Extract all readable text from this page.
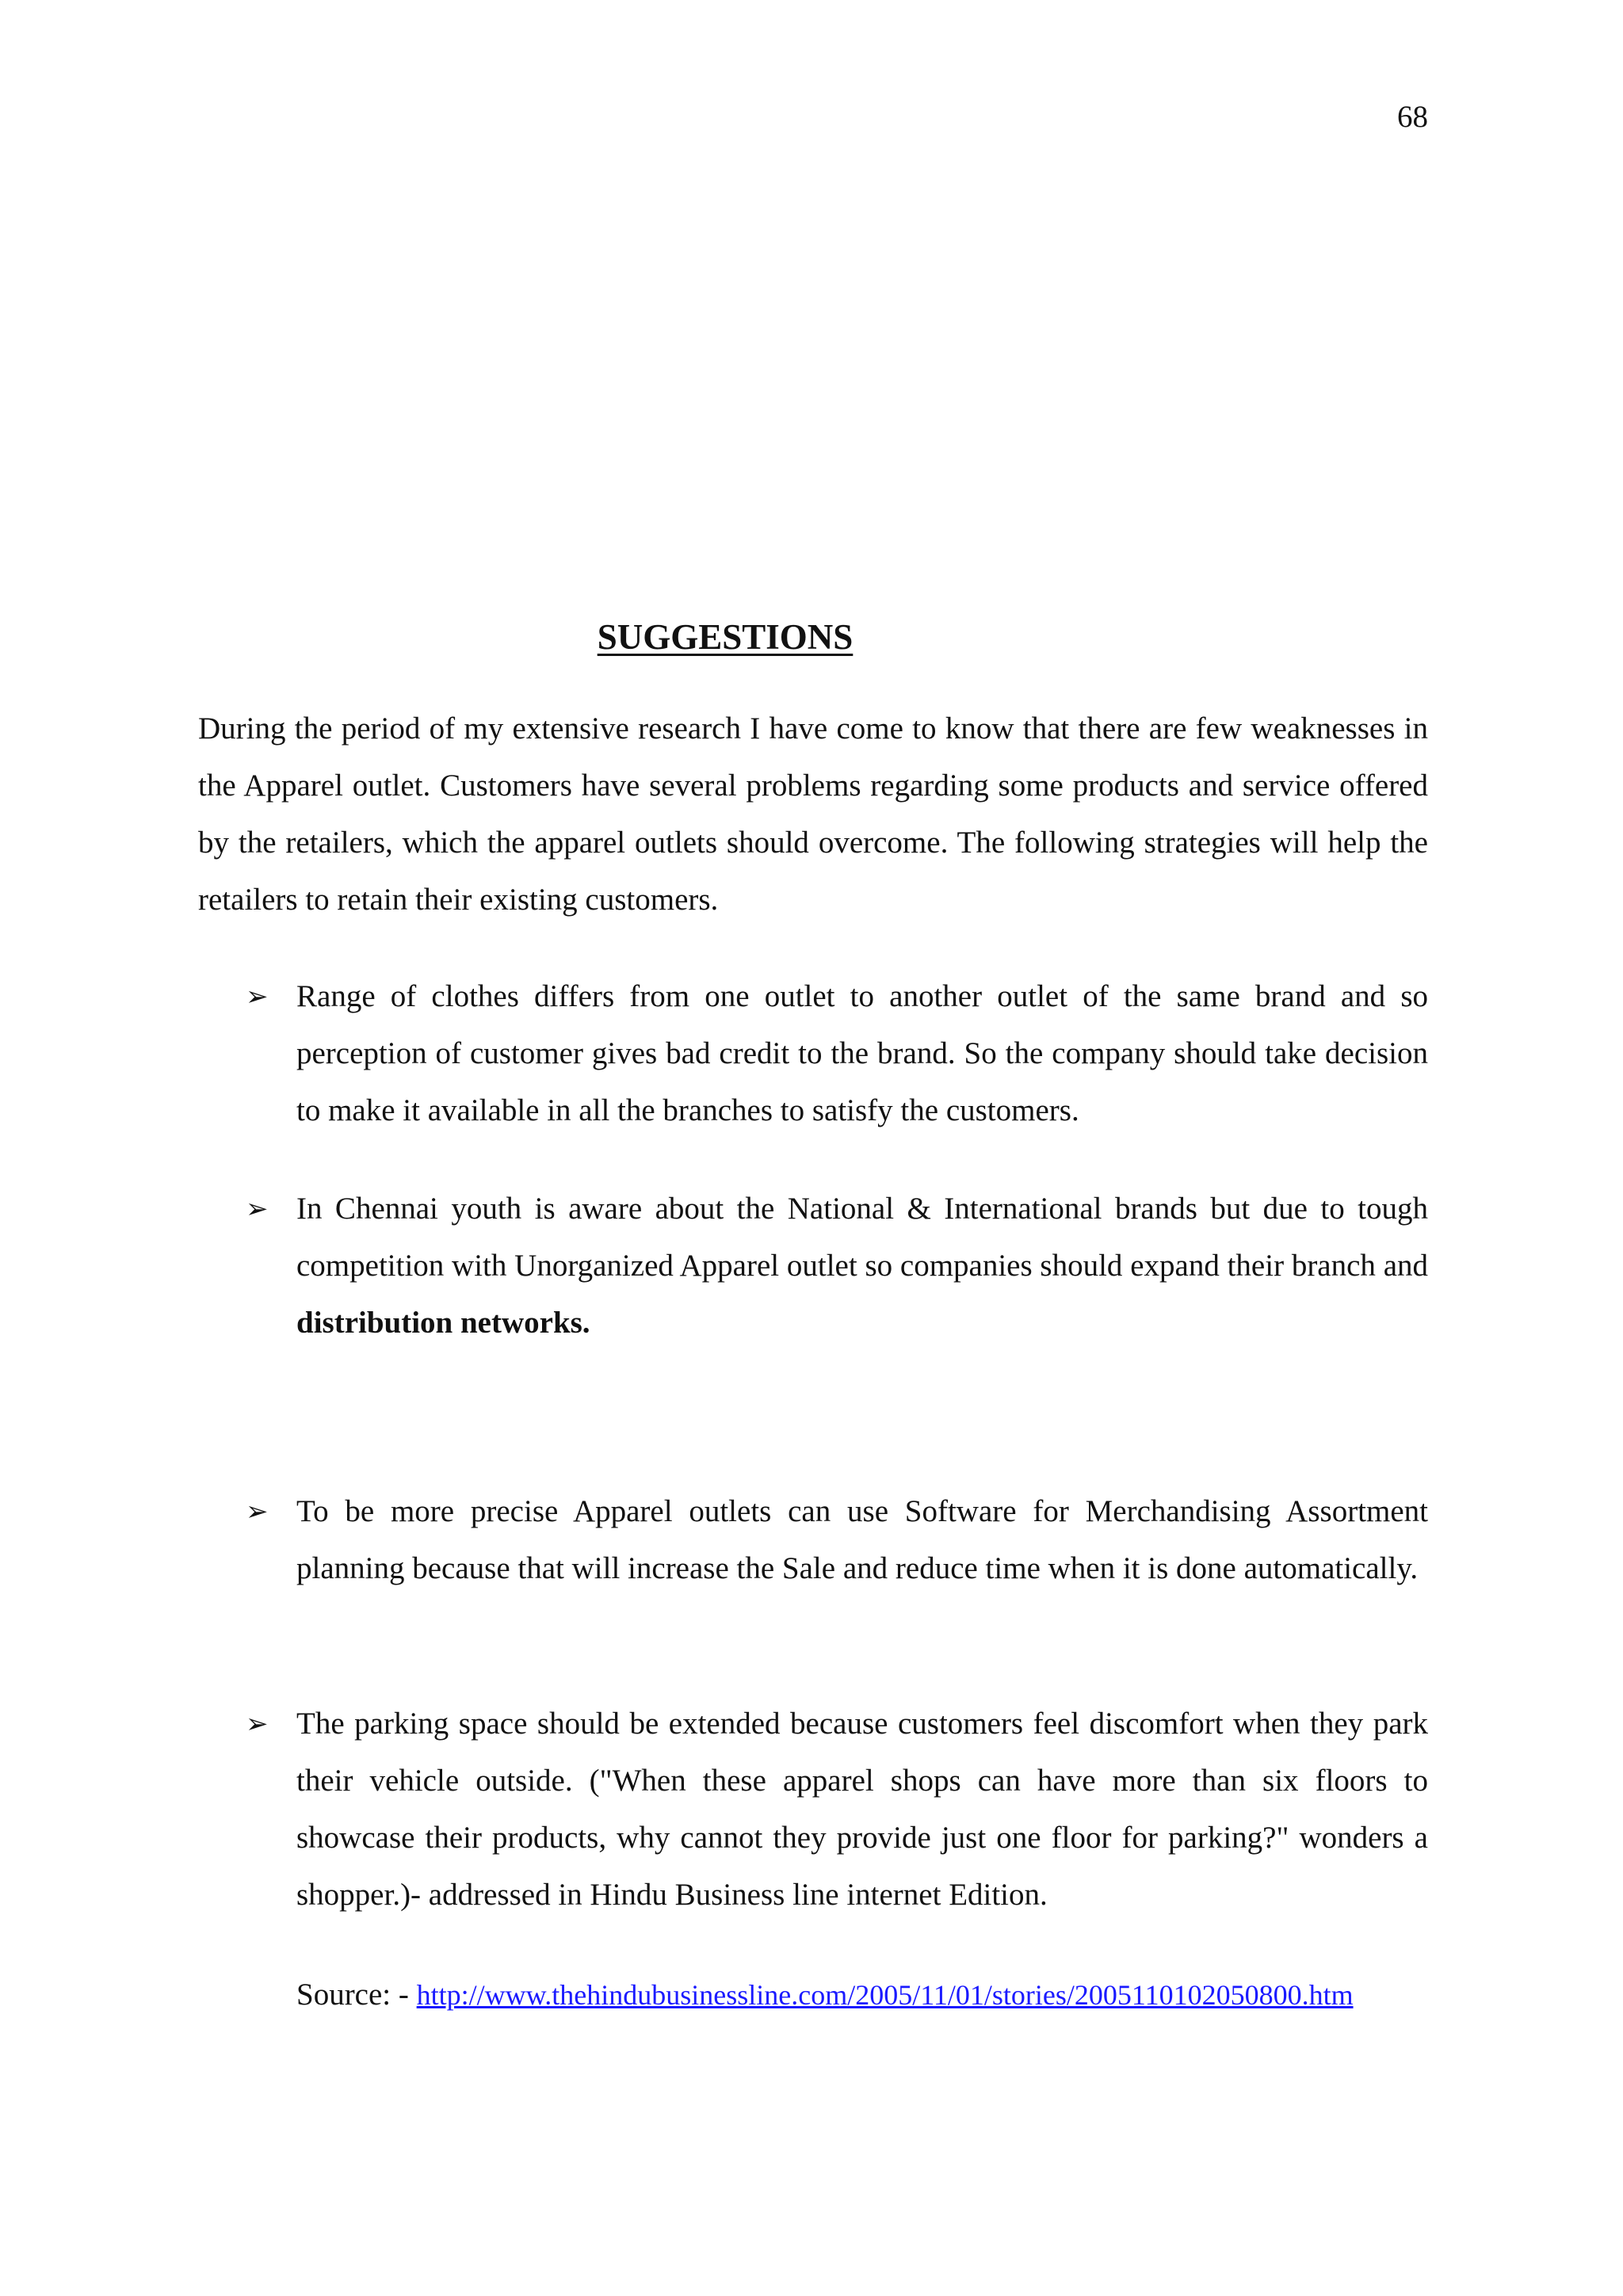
68
SUGGESTIONS

During the period of my extensive research I have come to know that there are few weaknesses in the Apparel outlet. Customers have several problems regarding some products and service offered by the retailers, which the apparel outlets should overcome. The following strategies will help the retailers to retain their existing customers.

➢ Range of clothes differs from one outlet to another outlet of the same brand and so perception of customer gives bad credit to the brand. So the company should take decision to make it available in all the branches to satisfy the customers.

➢ In Chennai youth is aware about the National & International brands but due to tough competition with Unorganized Apparel outlet so companies should expand their branch and distribution networks.

➢ To be more precise Apparel outlets can use Software for Merchandising Assortment planning because that will increase the Sale and reduce time when it is done automatically.

➢ The parking space should be extended because customers feel discomfort when they park their vehicle outside. ("When these apparel shops can have more than six floors to showcase their products, why cannot they provide just one floor for parking?" wonders a shopper.)- addressed in Hindu Business line internet Edition.

Source: - http://www.thehindubusinessline.com/2005/11/01/stories/2005110102050800.htm
